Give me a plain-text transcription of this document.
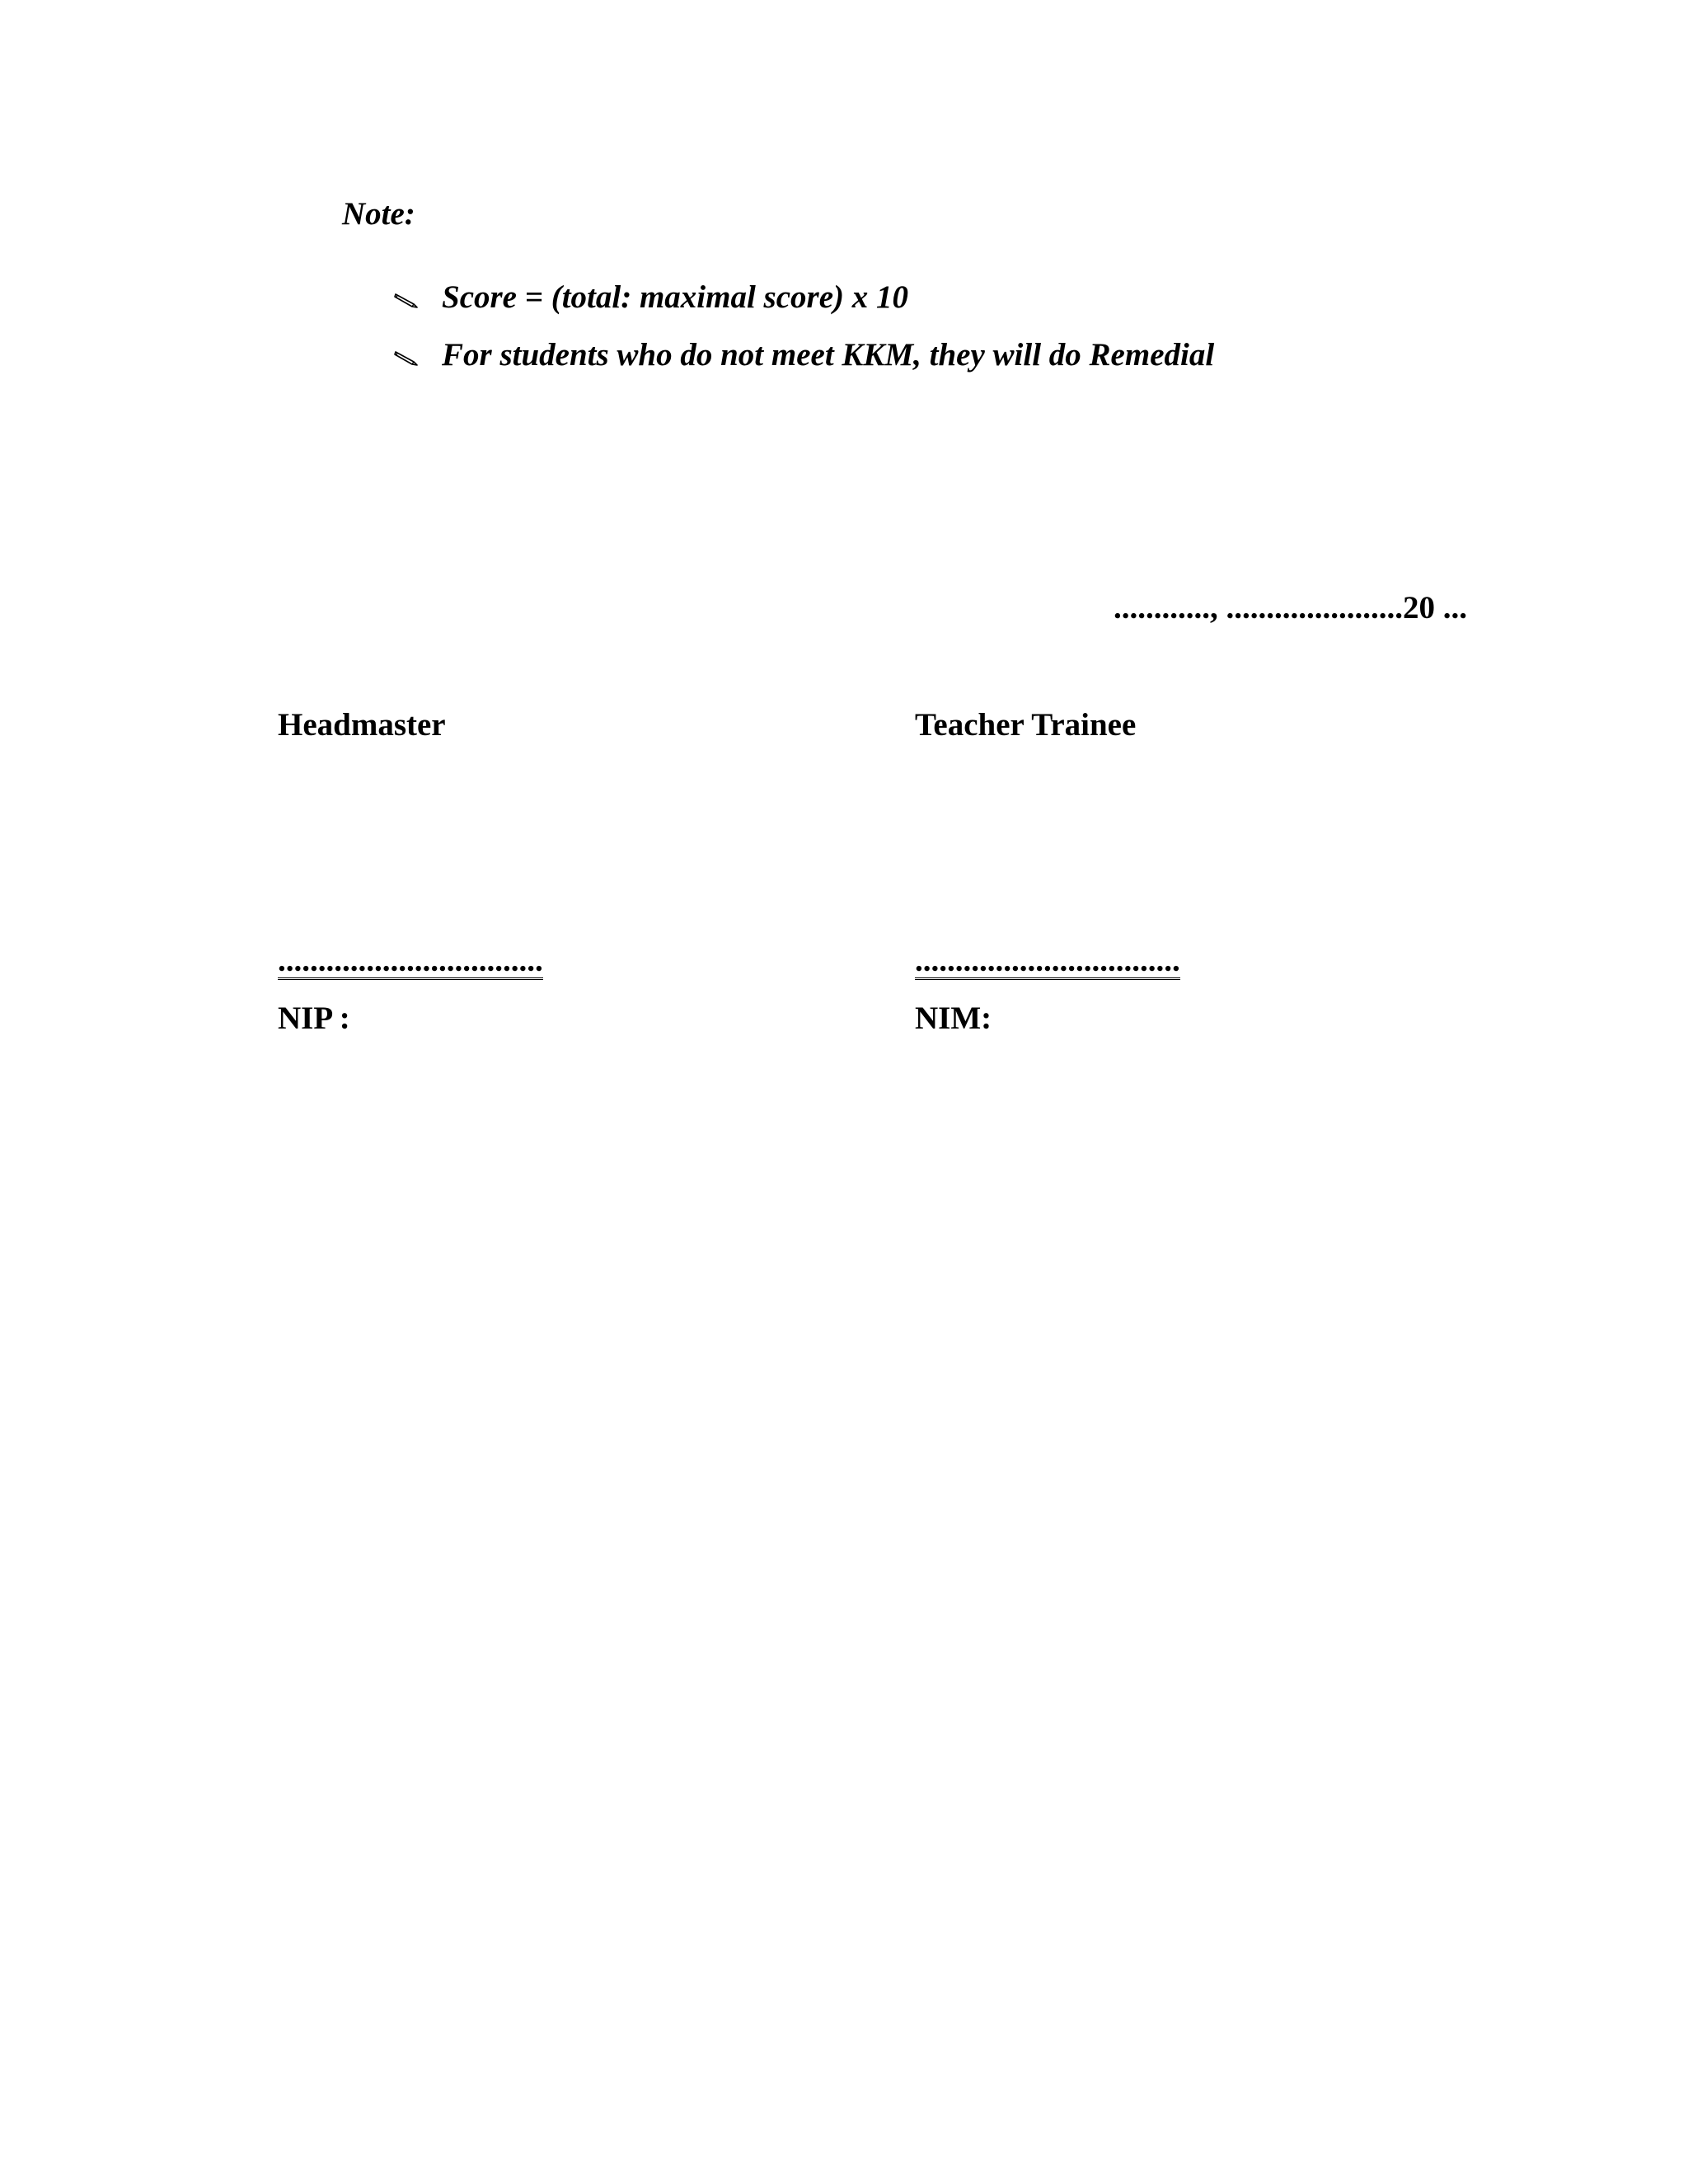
Note:
Score = (total: maximal score) x 10
For students who do not meet KKM, they will do Remedial
............, ......................20 ...
Headmaster
.................................
NIP :
Teacher Trainee
.................................
NIM:
